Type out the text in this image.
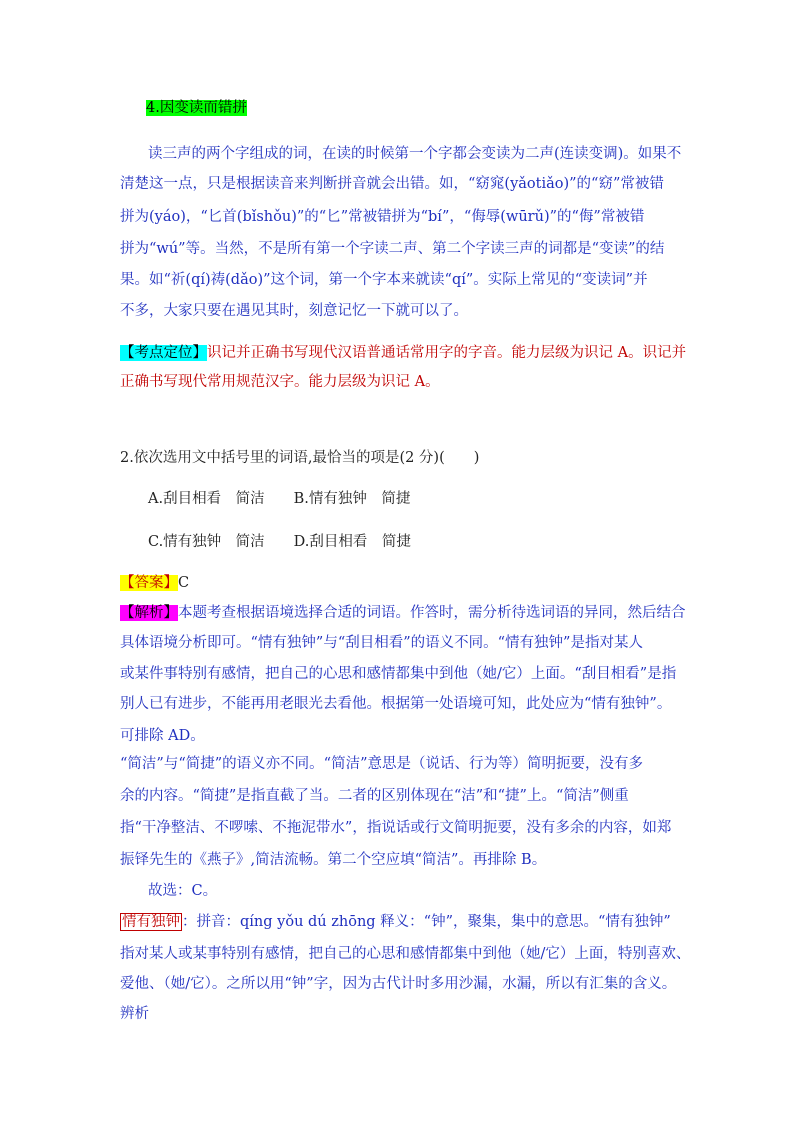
4.因变读而错拼
读三声的两个字组成的词，在读的时候第一个字都会变读为二声(连读变调)。如果不
清楚这一点，只是根据读音来判断拼音就会出错。如，“窈窕(yǎotiǎo)”的“窈”常被错
拼为(yáo)，“匕首(bǐshǒu)”的“匕”常被错拼为“bí”，“侮辱(wūrǔ)”的“侮”常被错
拼为“wú”等。当然，不是所有第一个字读二声、第二个字读三声的词都是“变读”的结
果。如“祈(qí)祷(dǎo)”这个词，第一个字本来就读“qí”。实际上常见的“变读词”并
不多，大家只要在遇见其时，刻意记忆一下就可以了。
【考点定位】识记并正确书写现代汉语普通话常用字的字音。能力层级为识记 A。识记并
正确书写现代常用规范汉字。能力层级为识记 A。
2.依次选用文中括号里的词语,最恰当的项是(2 分)(　　)
A.刮目相看　简洁　　B.情有独钟　简捷
C.情有独钟　简洁　　D.刮目相看　简捷
【答案】C
【解析】本题考查根据语境选择合适的词语。作答时，需分析待选词语的异同，然后结合
具体语境分析即可。“情有独钟”与“刮目相看”的语义不同。“情有独钟”是指对某人
或某件事特别有感情，把自己的心思和感情都集中到他（她/它）上面。“刮目相看”是指
别人已有进步，不能再用老眼光去看他。根据第一处语境可知，此处应为“情有独钟”。
可排除 AD。
“简洁”与“简捷”的语义亦不同。“简洁”意思是（说话、行为等）简明扼要，没有多
余的内容。“简捷”是指直截了当。二者的区别体现在“洁”和“捷”上。“简洁”侧重
指“干净整洁、不啰嗦、不拖泥带水”，指说话或行文简明扼要，没有多余的内容，如郑
振铎先生的《燕子》,简洁流畅。第二个空应填“简洁”。再排除 B。
故选：C。
情有独钟 ：拼音：qíng yǒu dú zhōng 释义：“钟”，聚集，集中的意思。“情有独钟”
指对某人或某事特别有感情，把自己的心思和感情都集中到他（她/它）上面，特别喜欢、
爱他、（她/它）。之所以用“钟”字，因为古代计时多用沙漏，水漏，所以有汇集的含义。
辨析
